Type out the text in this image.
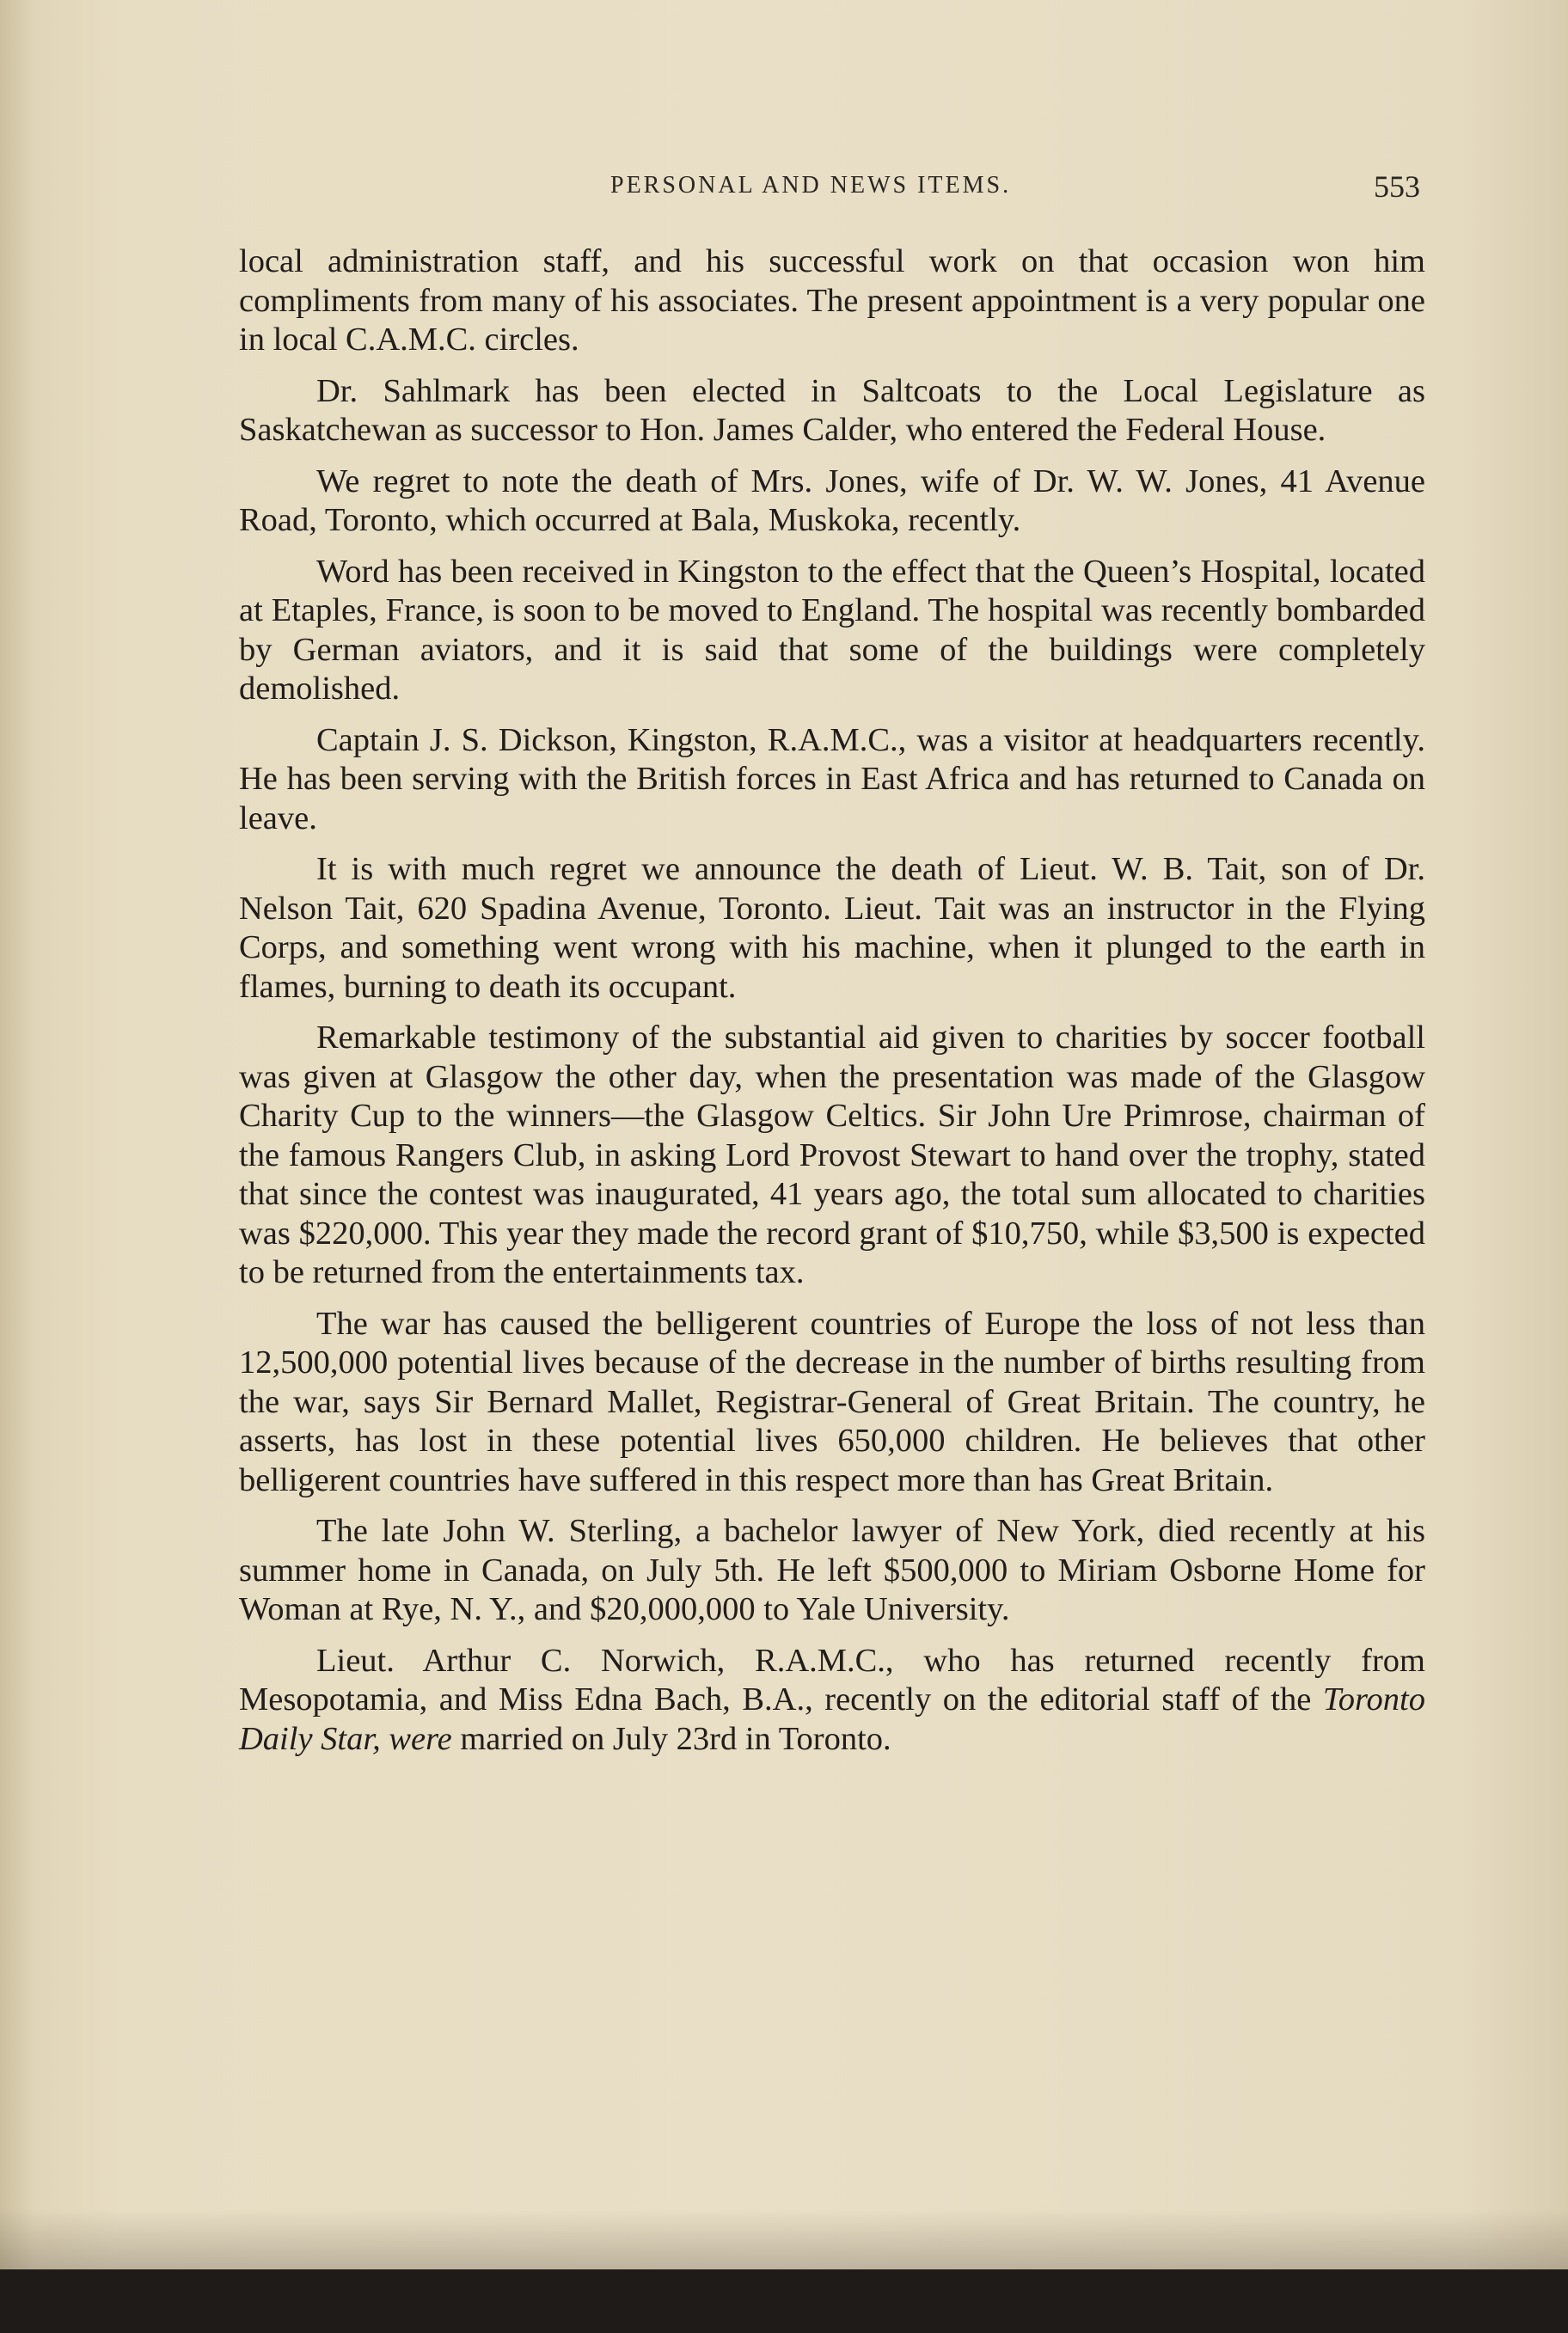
PERSONAL AND NEWS ITEMS.	553

local administration staff, and his successful work on that occasion won him compliments from many of his associates. The present appointment is a very popular one in local C.A.M.C. circles.

Dr. Sahlmark has been elected in Saltcoats to the Local Legislature as Saskatchewan as successor to Hon. James Calder, who entered the Federal House.

We regret to note the death of Mrs. Jones, wife of Dr. W. W. Jones, 41 Avenue Road, Toronto, which occurred at Bala, Muskoka, recently.

Word has been received in Kingston to the effect that the Queen’s Hospital, located at Etaples, France, is soon to be moved to England. The hospital was recently bombarded by German aviators, and it is said that some of the buildings were completely demolished.

Captain J. S. Dickson, Kingston, R.A.M.C., was a visitor at headquarters recently. He has been serving with the British forces in East Africa and has returned to Canada on leave.

It is with much regret we announce the death of Lieut. W. B. Tait, son of Dr. Nelson Tait, 620 Spadina Avenue, Toronto. Lieut. Tait was an instructor in the Flying Corps, and something went wrong with his machine, when it plunged to the earth in flames, burning to death its occupant.

Remarkable testimony of the substantial aid given to charities by soccer football was given at Glasgow the other day, when the presentation was made of the Glasgow Charity Cup to the winners—the Glasgow Celtics. Sir John Ure Primrose, chairman of the famous Rangers Club, in asking Lord Provost Stewart to hand over the trophy, stated that since the contest was inaugurated, 41 years ago, the total sum allocated to charities was $220,000. This year they made the record grant of $10,750, while $3,500 is expected to be returned from the entertainments tax.

The war has caused the belligerent countries of Europe the loss of not less than 12,500,000 potential lives because of the decrease in the number of births resulting from the war, says Sir Bernard Mallet, Registrar-General of Great Britain. The country, he asserts, has lost in these potential lives 650,000 children. He believes that other belligerent countries have suffered in this respect more than has Great Britain.

The late John W. Sterling, a bachelor lawyer of New York, died recently at his summer home in Canada, on July 5th. He left $500,000 to Miriam Osborne Home for Woman at Rye, N. Y., and $20,000,000 to Yale University.

Lieut. Arthur C. Norwich, R.A.M.C., who has returned recently from Mesopotamia, and Miss Edna Bach, B.A., recently on the editorial staff of the Toronto Daily Star, were married on July 23rd in Toronto.
